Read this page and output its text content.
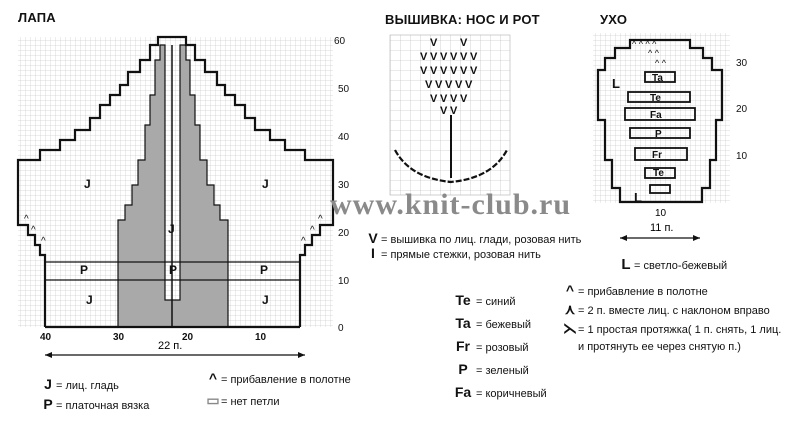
ЛАПА	ВЫШИВКА: НОС И РОТ	УХО
0
10
20
30
40
50
60
40	30	20	10
22 п.
J	J
J
P	P	P
J	J
^
^
^
^
^
^
V V
V V V V V V
V V V V V V
V V V V V
V V V V
V V
Ta
Te
Fa
P
Fr
Te
L
L
^ ^ ^ ^
^ ^
^ ^
10
20
30
10
11 п.
www.knit-club.ru
V = вышивка по лиц. глади, розовая нить
I = прямые стежки, розовая нить
J = лиц. гладь
P = платочная вязка
^ = прибавление в полотне
▭= нет петли
Te = синий
Ta = бежевый
Fr = розовый
P = зеленый
Fa = коричневый
L = светло-бежевый
^ = прибавление в полотне
⋏ = 2 п. вместе лиц. с наклоном вправо
⋋= 1 простая протяжка( 1 п. снять, 1 лиц.
и протянуть ее через снятую п.)
